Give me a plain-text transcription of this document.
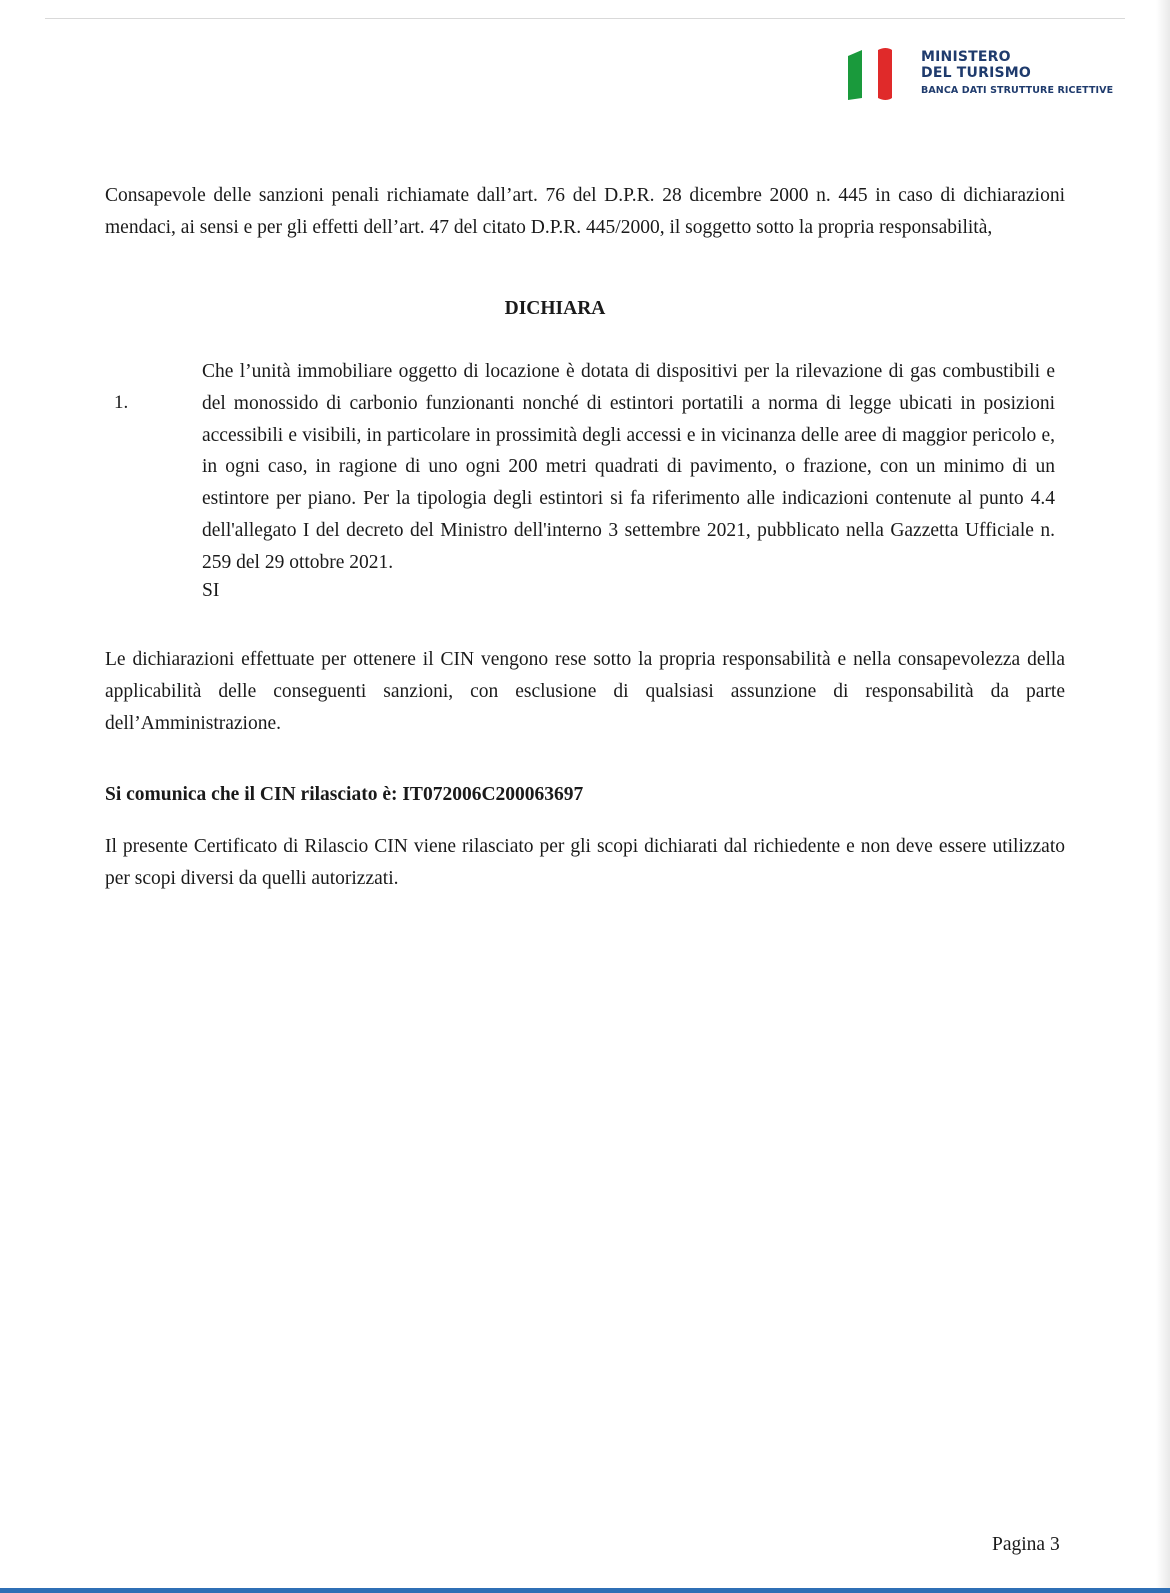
MINISTERO
DEL TURISMO
BANCA DATI STRUTTURE RICETTIVE

Consapevole delle sanzioni penali richiamate dall’art. 76 del D.P.R. 28 dicembre 2000 n. 445 in caso di dichiarazioni mendaci, ai sensi e per gli effetti dell’art. 47 del citato D.P.R. 445/2000, il soggetto sotto la propria responsabilità,

DICHIARA
1.

Che l’unità immobiliare oggetto di locazione è dotata di dispositivi per la rilevazione di gas combustibili e del monossido di carbonio funzionanti nonché di estintori portatili a norma di legge ubicati in posizioni accessibili e visibili, in particolare in prossimità degli accessi e in vicinanza delle aree di maggior pericolo e, in ogni caso, in ragione di uno ogni 200 metri quadrati di pavimento, o frazione, con un minimo di un estintore per piano. Per la tipologia degli estintori si fa riferimento alle indicazioni contenute al punto 4.4 dell'allegato I del decreto del Ministro dell'interno 3 settembre 2021, pubblicato nella Gazzetta Ufficiale n. 259 del 29 ottobre 2021.

SI

Le dichiarazioni effettuate per ottenere il CIN vengono rese sotto la propria responsabilità e nella consapevolezza della applicabilità delle conseguenti sanzioni, con esclusione di qualsiasi assunzione di responsabilità da parte dell’Amministrazione.

Si comunica che il CIN rilasciato è: IT072006C200063697

Il presente Certificato di Rilascio CIN viene rilasciato per gli scopi dichiarati dal richiedente e non deve essere utilizzato per scopi diversi da quelli autorizzati.

Pagina 3
